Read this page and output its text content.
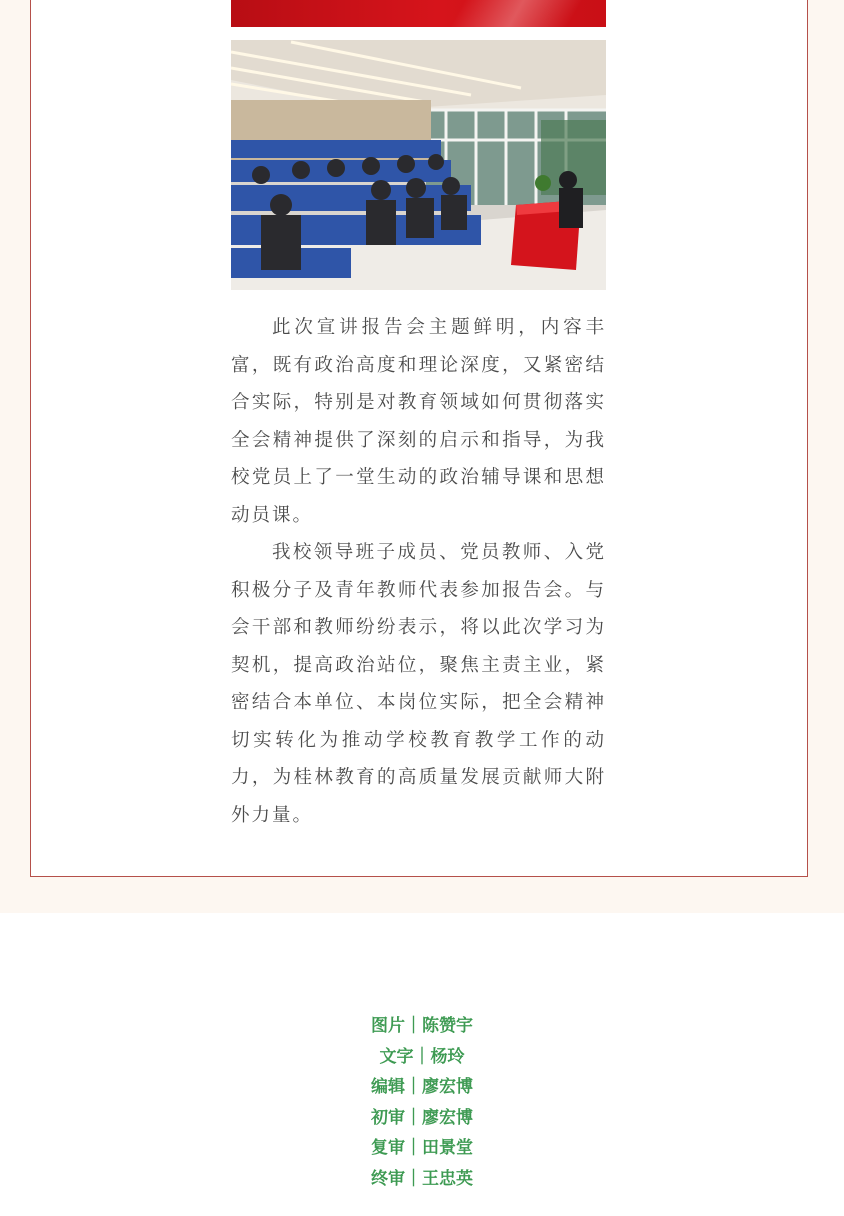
此次宣讲报告会主题鲜明，内容丰富，既有政治高度和理论深度，又紧密结合实际，特别是对教育领域如何贯彻落实全会精神提供了深刻的启示和指导，为我校党员上了一堂生动的政治辅导课和思想动员课。

我校领导班子成员、党员教师、入党积极分子及青年教师代表参加报告会。与会干部和教师纷纷表示，将以此次学习为契机，提高政治站位，聚焦主责主业，紧密结合本单位、本岗位实际，把全会精神切实转化为推动学校教育教学工作的动力，为桂林教育的高质量发展贡献师大附外力量。

图片｜陈赞宇
文字｜杨玲
编辑｜廖宏博
初审｜廖宏博
复审｜田景堂
终审｜王忠英
